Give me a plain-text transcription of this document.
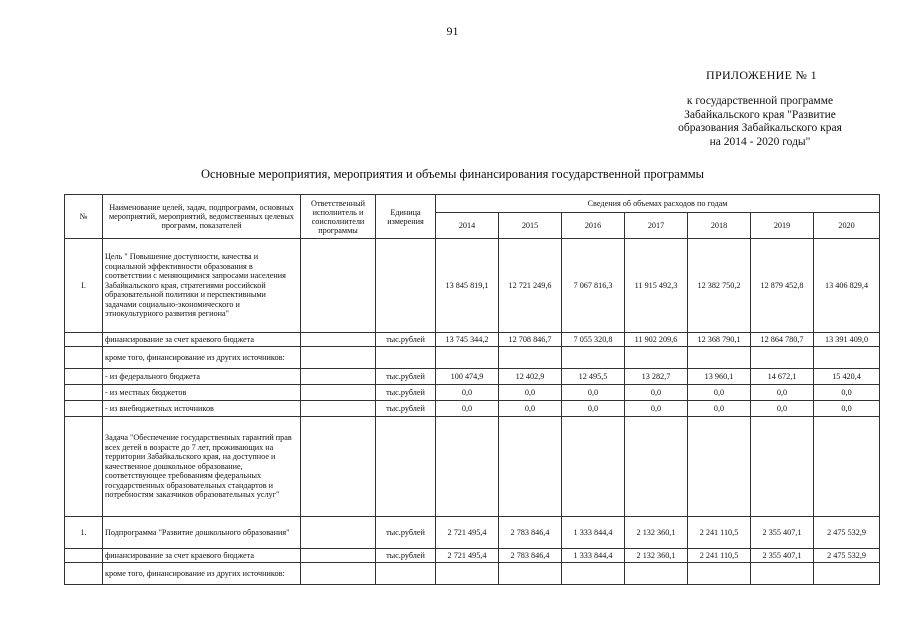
91
ПРИЛОЖЕНИЕ № 1
к государственной программе
Забайкальского края "Развитие
образования Забайкальского края
на 2014 - 2020 годы"
Основные мероприятия, мероприятия и объемы финансирования государственной программы
№	Наименование целей, задач, подпрограмм, основных мероприятий, мероприятий, ведомственных целевых программ, показателей	Ответственный исполнитель и соисполнители программы	Единица измерения	Сведения об объемах расходов по годам						
				2014	2015	2016	2017	2018	2019	2020
I.	Цель " Повышение доступности, качества и социальной эффективности образования в соответствии с меняющимися запросами населения Забайкальского края, стратегиями российской образовательной политики и перспективными задачами социально-экономического и этнокультурного развития региона"			13 845 819,1	12 721 249,6	7 067 816,3	11 915 492,3	12 382 750,2	12 879 452,8	13 406 829,4
	финансирование за счет краевого бюджета		тыс.рублей	13 745 344,2	12 708 846,7	7 055 320,8	11 902 209,6	12 368 790,1	12 864 780,7	13 391 409,0
	кроме того, финансирование из других источников:									
	- из федерального бюджета		тыс.рублей	100 474,9	12 402,9	12 495,5	13 282,7	13 960,1	14 672,1	15 420,4
	- из местных бюджетов		тыс.рублей	0,0	0,0	0,0	0,0	0,0	0,0	0,0
	- из внебюджетных источников		тыс.рублей	0,0	0,0	0,0	0,0	0,0	0,0	0,0
	Задача "Обеспечение государственных гарантий прав всех детей в возрасте до 7 лет, проживающих на территории Забайкальского края, на доступное и качественное дошкольное образование, соответствующее требованиям федеральных государственных образовательных стандартов и потребностям заказчиков образовательных услуг"									
1.	Подпрограмма "Развитие дошкольного образования"		тыс.рублей	2 721 495,4	2 783 846,4	1 333 844,4	2 132 360,1	2 241 110,5	2 355 407,1	2 475 532,9
	финансирование за счет краевого бюджета		тыс.рублей	2 721 495,4	2 783 846,4	1 333 844,4	2 132 360,1	2 241 110,5	2 355 407,1	2 475 532,9
	кроме того, финансирование из других источников:									
